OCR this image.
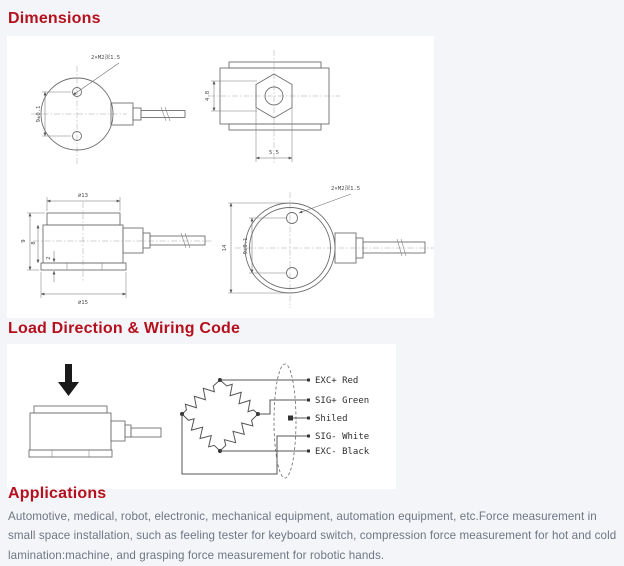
Dimensions
9±0.1
2×M2深1.5
4.8
5.5
∅13
∅15
9
8
2
9±0.1
14
2×M2深1.5
Load Direction & Wiring Code
EXC+ Red
SIG+ Green
Shiled
SIG- White
EXC- Black
Applications

Automotive, medical, robot, electronic, mechanical equipment, automation equipment, etc.Force measurement in small space installation, such as feeling tester for keyboard switch, compression force measurement for hot and cold lamination:machine, and grasping force measurement for robotic hands.
